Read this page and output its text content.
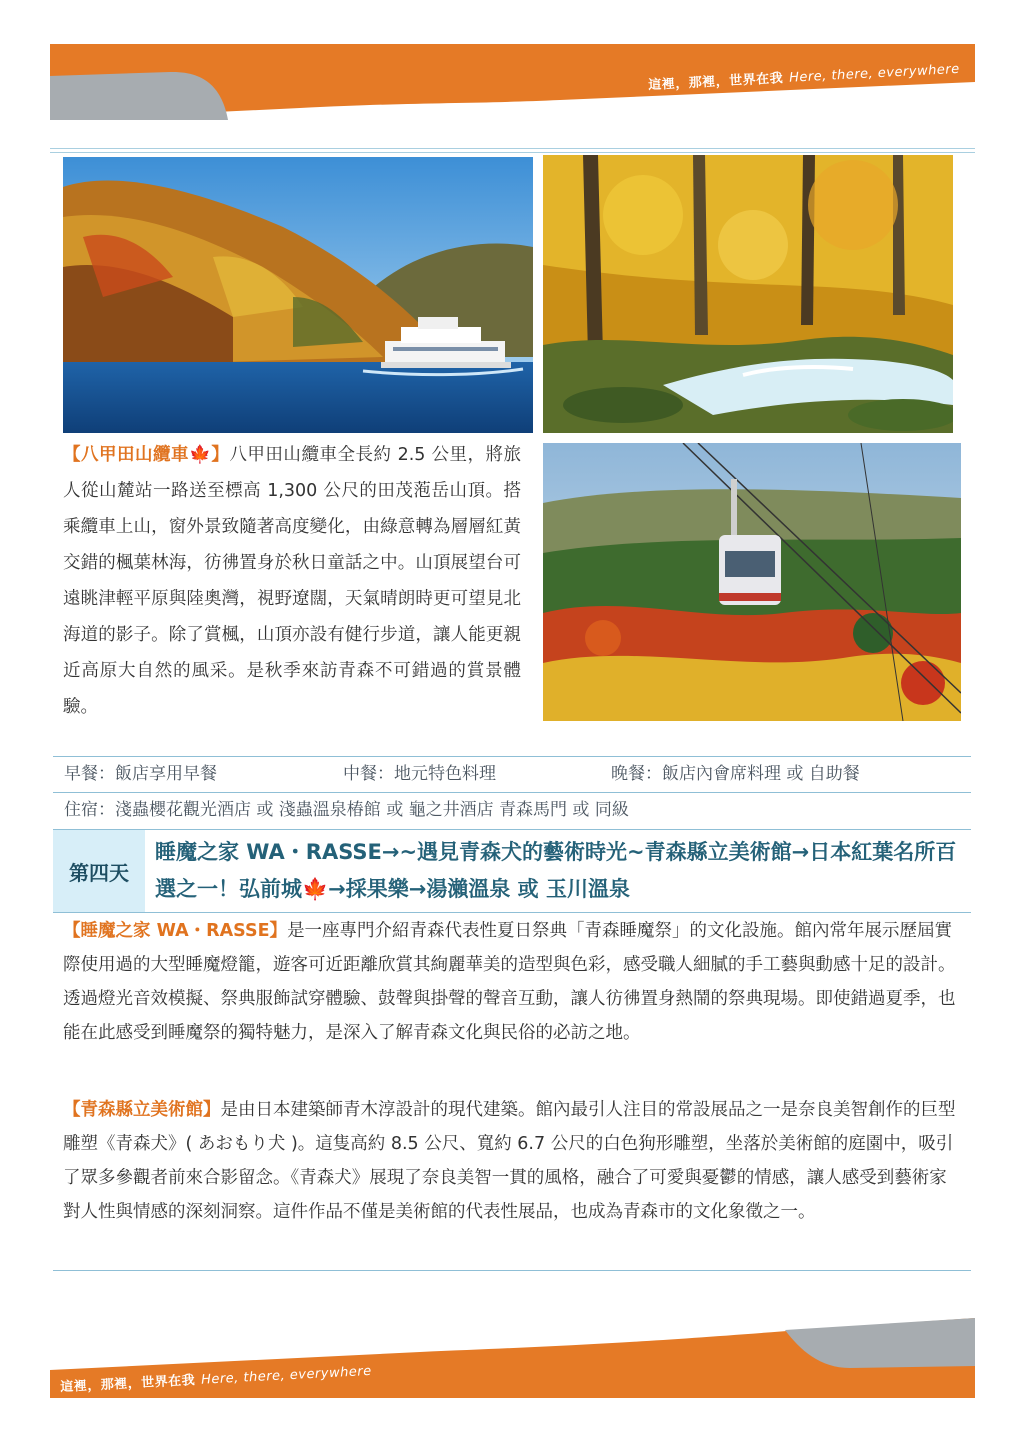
這裡，那裡，世界在我 Here, there, everywhere
【八甲田山纜車🍁】八甲田山纜車全長約 2.5 公里，將旅人從山麓站一路送至標高 1,300 公尺的田茂萢岳山頂。搭乘纜車上山，窗外景致隨著高度變化，由綠意轉為層層紅黃交錯的楓葉林海，彷彿置身於秋日童話之中。山頂展望台可遠眺津輕平原與陸奧灣，視野遼闊，天氣晴朗時更可望見北海道的影子。除了賞楓，山頂亦設有健行步道，讓人能更親近高原大自然的風采。是秋季來訪青森不可錯過的賞景體驗。
早餐：飯店享用早餐	中餐：地元特色料理	晚餐：飯店內會席料理 或 自助餐
住宿：淺蟲櫻花觀光酒店 或 淺蟲溫泉椿館 或 龜之井酒店 青森馬門 或 同級
第四天
睡魔之家 WA・RASSE→~遇見青森犬的藝術時光~青森縣立美術館→日本紅葉名所百選之一！弘前城🍁→採果樂→湯瀨溫泉 或 玉川溫泉
【睡魔之家 WA・RASSE】是一座專門介紹青森代表性夏日祭典「青森睡魔祭」的文化設施。館內常年展示歷屆實際使用過的大型睡魔燈籠，遊客可近距離欣賞其絢麗華美的造型與色彩，感受職人細膩的手工藝與動感十足的設計。透過燈光音效模擬、祭典服飾試穿體驗、鼓聲與掛聲的聲音互動，讓人彷彿置身熱鬧的祭典現場。即使錯過夏季，也能在此感受到睡魔祭的獨特魅力，是深入了解青森文化與民俗的必訪之地。
【青森縣立美術館】是由日本建築師青木淳設計的現代建築。館內最引人注目的常設展品之一是奈良美智創作的巨型雕塑《青森犬》( あおもり犬 )。這隻高約 8.5 公尺、寬約 6.7 公尺的白色狗形雕塑，坐落於美術館的庭園中，吸引了眾多參觀者前來合影留念。《青森犬》展現了奈良美智一貫的風格，融合了可愛與憂鬱的情感，讓人感受到藝術家對人性與情感的深刻洞察。這件作品不僅是美術館的代表性展品，也成為青森市的文化象徵之一。
這裡，那裡，世界在我 Here, there, everywhere
